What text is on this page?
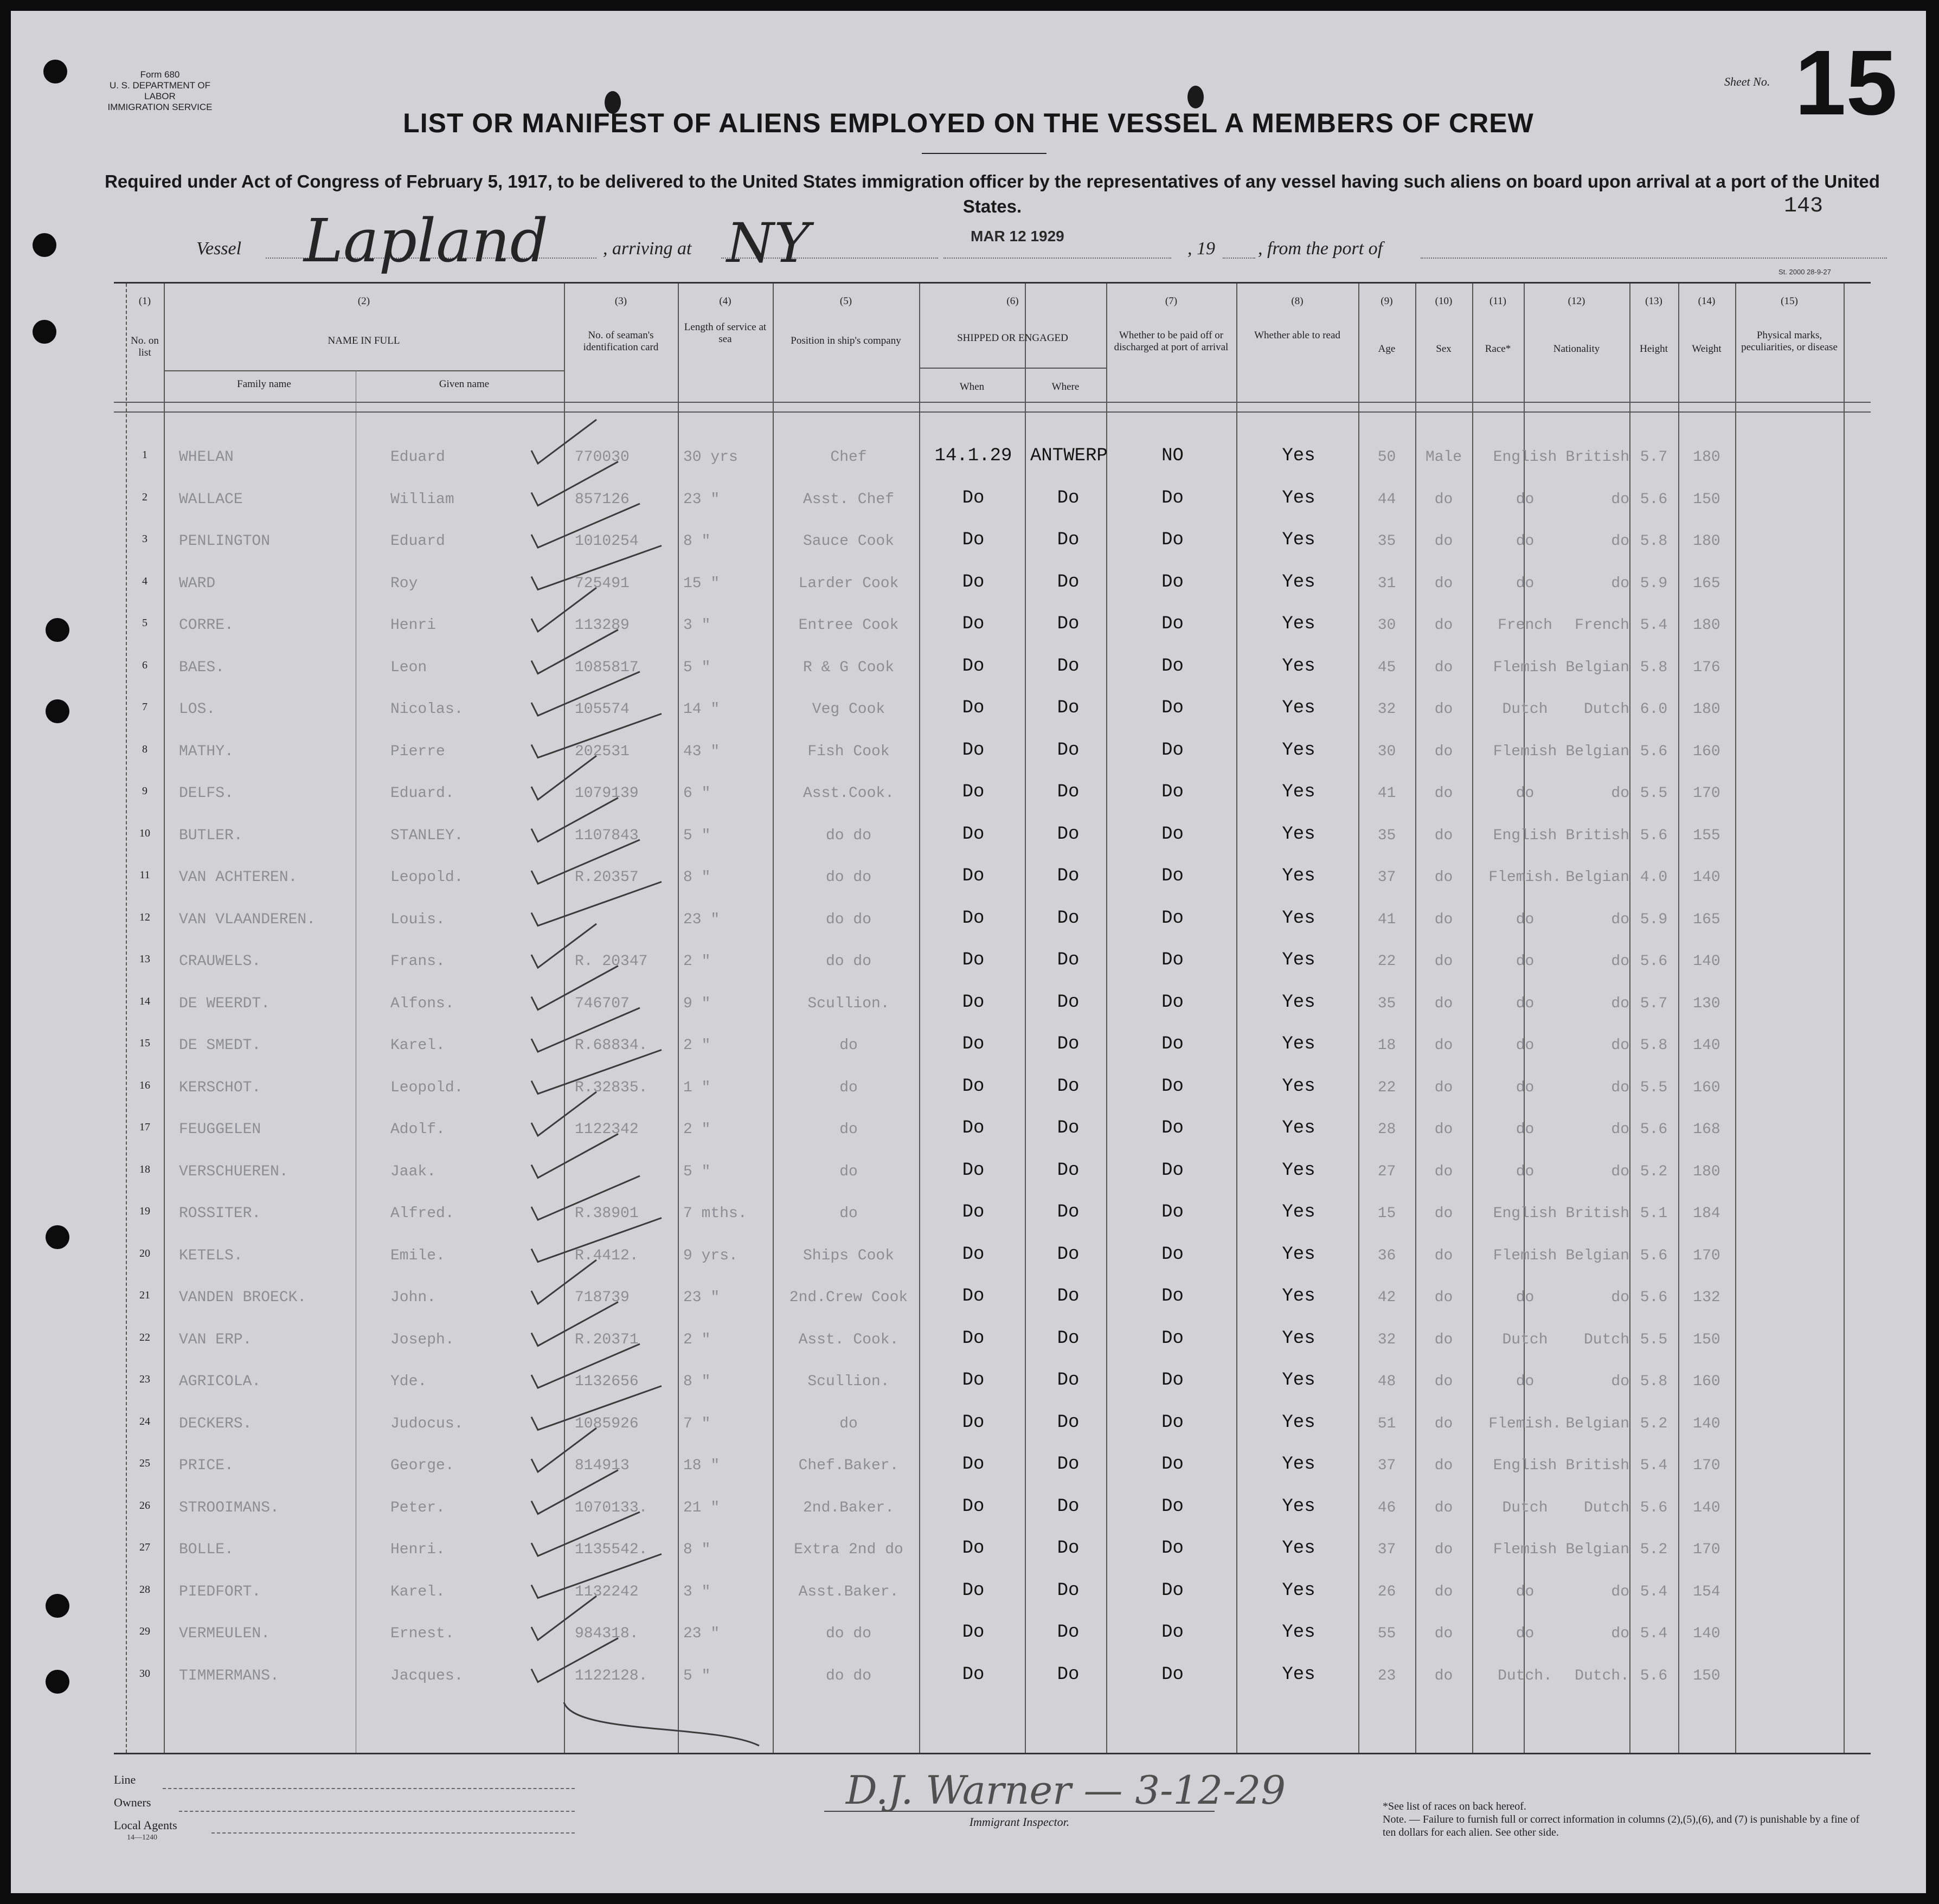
Form 680
U. S. DEPARTMENT OF LABOR
IMMIGRATION SERVICE
Sheet No. 15
LIST OR MANIFEST OF ALIENS EMPLOYED ON THE VESSEL A MEMBERS OF CREW
Required under Act of Congress of February 5, 1917, to be delivered to the United States immigration officer by the representatives of any vessel having such aliens on board upon arrival at a port of the United States.	143
Vessel Lapland	, arriving at NY	MAR 12 1929
, 19 , from the port of
St. 2000 28-9-27
(1)	(2)	(3)	(4)	(5)	(6)	(7)	(8)	(9)	(10)	(11)	(12)	(13)	(14)	(15)
No. on list
NAME IN FULL
Family name	Given name
No. of seaman's identification card
Length of service at sea	Position in ship's company	SHIPPED OR ENGAGED
When	Where
Whether to be paid off or discharged at port of arrival
Whether able to read
Age	Sex	Race*	Nationality	Height	Weight
Physical marks, peculiarities, or disease
1	WHELAN	Eduard	770030	30 yrs	Chef	14.1.29 ANTWERP	NO	Yes	50	Male	English British 5.7	180
2	WALLACE	William	857126	23 "	Asst. Chef	Do	Do	Do	Yes	44	do	do	do 5.6	150
3	PENLINGTON	Eduard	1010254	8 "	Sauce Cook	Do	Do	Do	Yes	35	do	do	do 5.8	180
4	WARD	Roy	725491	15 "	Larder Cook	Do	Do	Do	Yes	31	do	do	do 5.9	165
5	CORRE.	Henri	113289	3 "	Entree Cook	Do	Do	Do	Yes	30	do	French	French 5.4	180
6	BAES.	Leon	1085817	5 "	R & G Cook	Do	Do	Do	Yes	45	do	Flemish Belgian 5.8	176
7	LOS.	Nicolas.	105574	14 "	Veg Cook	Do	Do	Do	Yes	32	do	Dutch	Dutch 6.0	180
8	MATHY.	Pierre	202531	43 "	Fish Cook	Do	Do	Do	Yes	30	do	Flemish Belgian 5.6	160
9	DELFS.	Eduard.	1079139	6 "	Asst.Cook.	Do	Do	Do	Yes	41	do	do	do 5.5	170
10	BUTLER.	STANLEY.	1107843	5 "	do do	Do	Do	Do	Yes	35	do	English British 5.6	155
11	VAN ACHTEREN.	Leopold.	R.20357	8 "	do do	Do	Do	Do	Yes	37	do	Flemish. Belgian 4.0	140
12	VAN VLAANDEREN.	Louis.	23 "	do do	Do	Do	Do	Yes	41	do	do	do 5.9	165
13	CRAUWELS.	Frans.	R. 20347	2 "	do do	Do	Do	Do	Yes	22	do	do	do 5.6	140
14	DE WEERDT.	Alfons.	746707	9 "	Scullion.	Do	Do	Do	Yes	35	do	do	do 5.7	130
15	DE SMEDT.	Karel.	R.68834.	2 "	do	Do	Do	Do	Yes	18	do	do	do 5.8	140
16	KERSCHOT.	Leopold.	R.32835.	1 "	do	Do	Do	Do	Yes	22	do	do	do 5.5	160
17	FEUGGELEN	Adolf.	1122342	2 "	do	Do	Do	Do	Yes	28	do	do	do 5.6	168
18	VERSCHUEREN.	Jaak.	5 "	do	Do	Do	Do	Yes	27	do	do	do 5.2	180
19	ROSSITER.	Alfred.	R.38901	7 mths.	do	Do	Do	Do	Yes	15	do	English British 5.1	184
20	KETELS.	Emile.	R.4412.	9 yrs.	Ships Cook	Do	Do	Do	Yes	36	do	Flemish Belgian 5.6	170
21	VANDEN BROECK.	John.	718739	23 "	2nd.Crew Cook	Do	Do	Do	Yes	42	do	do	do 5.6	132
22	VAN ERP.	Joseph.	R.20371	2 "	Asst. Cook.	Do	Do	Do	Yes	32	do	Dutch	Dutch 5.5	150
23	AGRICOLA.	Yde.	1132656	8 "	Scullion.	Do	Do	Do	Yes	48	do	do	do 5.8	160
24	DECKERS.	Judocus.	1085926	7 "	do	Do	Do	Do	Yes	51	do	Flemish. Belgian 5.2	140
25	PRICE.	George.	814913	18 "	Chef.Baker.	Do	Do	Do	Yes	37	do	English British 5.4	170
26	STROOIMANS.	Peter.	1070133.	21 "	2nd.Baker.	Do	Do	Do	Yes	46	do	Dutch	Dutch 5.6	140
27	BOLLE.	Henri.	1135542.	8 "	Extra 2nd do	Do	Do	Do	Yes	37	do	Flemish Belgian 5.2	170
28	PIEDFORT.	Karel.	1132242	3 "	Asst.Baker.	Do	Do	Do	Yes	26	do	do	do 5.4	154
29	VERMEULEN.	Ernest.	984318.	23 "	do do	Do	Do	Do	Yes	55	do	do	do 5.4	140
30	TIMMERMANS.	Jacques.	1122128.	5 "	do do	Do	Do	Do	Yes	23	do	Dutch.	Dutch. 5.6	150
Line
Owners
Local Agents
14—1240
D.J. Warner — 3-12-29
Immigrant Inspector.
*See list of races on back hereof.
Note. — Failure to furnish full or correct information in columns (2),(5),(6), and (7) is punishable by a fine of ten dollars for each alien. See other side.
